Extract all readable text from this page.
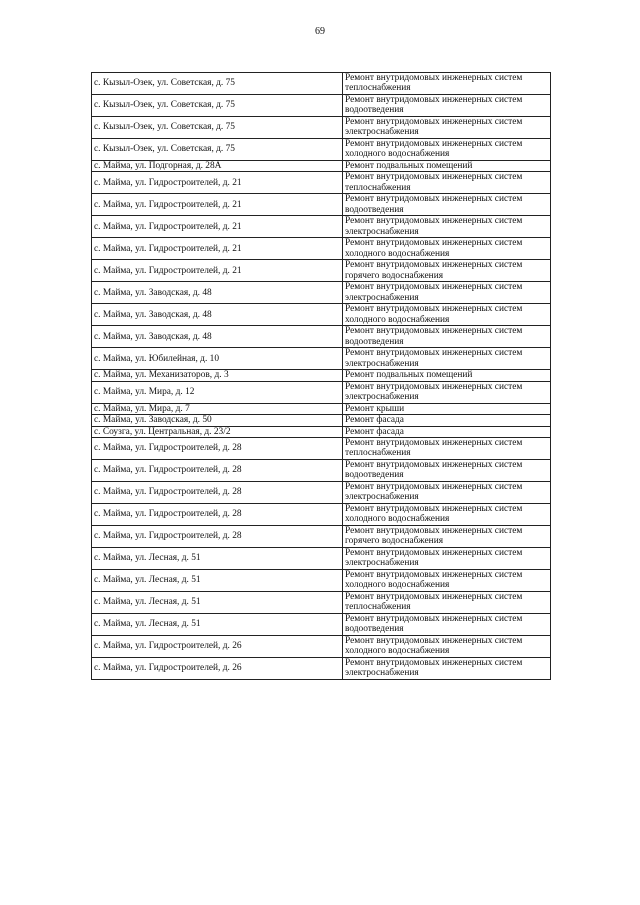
69
с. Кызыл-Озек, ул. Советская, д. 75	Ремонт внутридомовых инженерных систем
теплоснабжения

с. Кызыл-Озек, ул. Советская, д. 75	Ремонт внутридомовых инженерных систем
водоотведения

с. Кызыл-Озек, ул. Советская, д. 75	Ремонт внутридомовых инженерных систем
электроснабжения

с. Кызыл-Озек, ул. Советская, д. 75	Ремонт внутридомовых инженерных систем
холодного водоснабжения

с. Майма, ул. Подгорная, д. 28А	Ремонт подвальных помещений

с. Майма, ул. Гидростроителей, д. 21	Ремонт внутридомовых инженерных систем
теплоснабжения

с. Майма, ул. Гидростроителей, д. 21	Ремонт внутридомовых инженерных систем
водоотведения

с. Майма, ул. Гидростроителей, д. 21	Ремонт внутридомовых инженерных систем
электроснабжения

с. Майма, ул. Гидростроителей, д. 21	Ремонт внутридомовых инженерных систем
холодного водоснабжения

с. Майма, ул. Гидростроителей, д. 21	Ремонт внутридомовых инженерных систем
горячего водоснабжения

с. Майма, ул. Заводская, д. 48	Ремонт внутридомовых инженерных систем
электроснабжения

с. Майма, ул. Заводская, д. 48	Ремонт внутридомовых инженерных систем
холодного водоснабжения

с. Майма, ул. Заводская, д. 48	Ремонт внутридомовых инженерных систем
водоотведения

с. Майма, ул. Юбилейная, д. 10	Ремонт внутридомовых инженерных систем
электроснабжения

с. Майма, ул. Механизаторов, д. 3	Ремонт подвальных помещений

с. Майма, ул. Мира, д. 12	Ремонт внутридомовых инженерных систем
электроснабжения

с. Майма, ул. Мира, д. 7	Ремонт крыши

с. Майма, ул. Заводская, д. 50	Ремонт фасада

с. Соузга, ул. Центральная, д. 23/2	Ремонт фасада

с. Майма, ул. Гидростроителей, д. 28	Ремонт внутридомовых инженерных систем
теплоснабжения

с. Майма, ул. Гидростроителей, д. 28	Ремонт внутридомовых инженерных систем
водоотведения

с. Майма, ул. Гидростроителей, д. 28	Ремонт внутридомовых инженерных систем
электроснабжения

с. Майма, ул. Гидростроителей, д. 28	Ремонт внутридомовых инженерных систем
холодного водоснабжения

с. Майма, ул. Гидростроителей, д. 28	Ремонт внутридомовых инженерных систем
горячего водоснабжения

с. Майма, ул. Лесная, д. 51	Ремонт внутридомовых инженерных систем
электроснабжения

с. Майма, ул. Лесная, д. 51	Ремонт внутридомовых инженерных систем
холодного водоснабжения

с. Майма, ул. Лесная, д. 51	Ремонт внутридомовых инженерных систем
теплоснабжения

с. Майма, ул. Лесная, д. 51	Ремонт внутридомовых инженерных систем
водоотведения

с. Майма, ул. Гидростроителей, д. 26	Ремонт внутридомовых инженерных систем
холодного водоснабжения

с. Майма, ул. Гидростроителей, д. 26	Ремонт внутридомовых инженерных систем
электроснабжения
